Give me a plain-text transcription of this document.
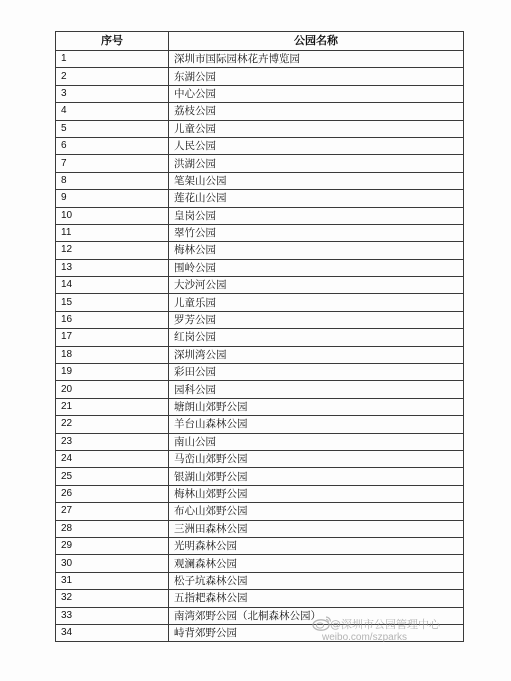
序号	公园名称
1	深圳市国际园林花卉博览园
2	东湖公园
3	中心公园
4	荔枝公园
5	儿童公园
6	人民公园
7	洪湖公园
8	笔架山公园
9	莲花山公园
10	皇岗公园
11	翠竹公园
12	梅林公园
13	围岭公园
14	大沙河公园
15	儿童乐园
16	罗芳公园
17	红岗公园
18	深圳湾公园
19	彩田公园
20	园科公园
21	塘朗山郊野公园
22	羊台山森林公园
23	南山公园
24	马峦山郊野公园
25	银湖山郊野公园
26	梅林山郊野公园
27	布心山郊野公园
28	三洲田森林公园
29	光明森林公园
30	观澜森林公园
31	松子坑森林公园
32	五指耙森林公园
33	南湾郊野公园（北桐森林公园）
34	峙背郊野公园
@深圳市公园管理中心
weibo.com/szparks
